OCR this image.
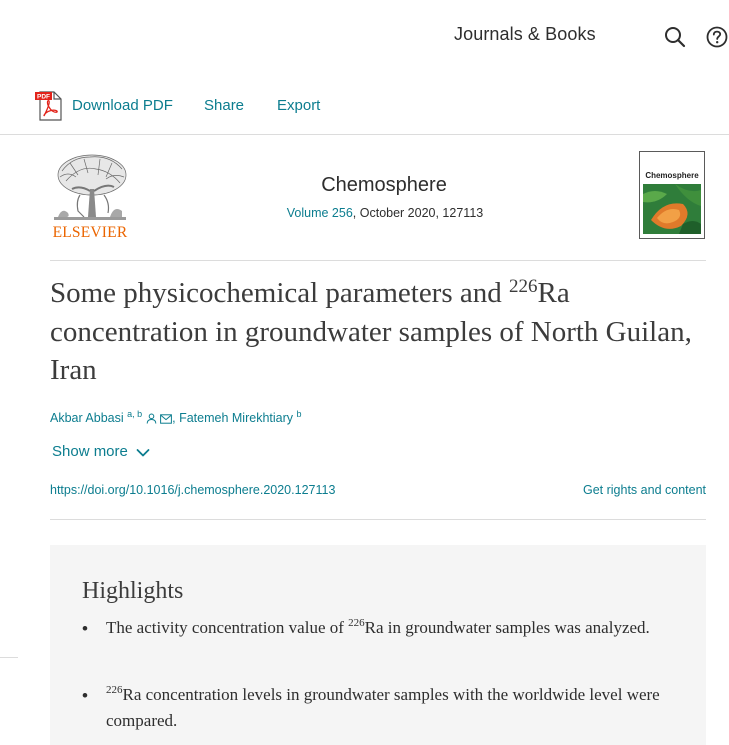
Journals & Books
PDF Download PDF Share Export
ELSEVIER
Chemosphere
Volume 256, October 2020, 127113
Chemosphere
Some physicochemical parameters and $^{226}$Ra concentration in groundwater samples of North Guilan, Iran
Akbar Abbasi $^{a, b}$ , Fatemeh Mirekhtiary $^b$
Show more
https://doi.org/10.1016/j.chemosphere.2020.127113	Get rights and content
Highlights
• The activity concentration value of $^{226}$Ra in groundwater samples was analyzed.
• $^{226}$Ra concentration levels in groundwater samples with the worldwide level were compared.
